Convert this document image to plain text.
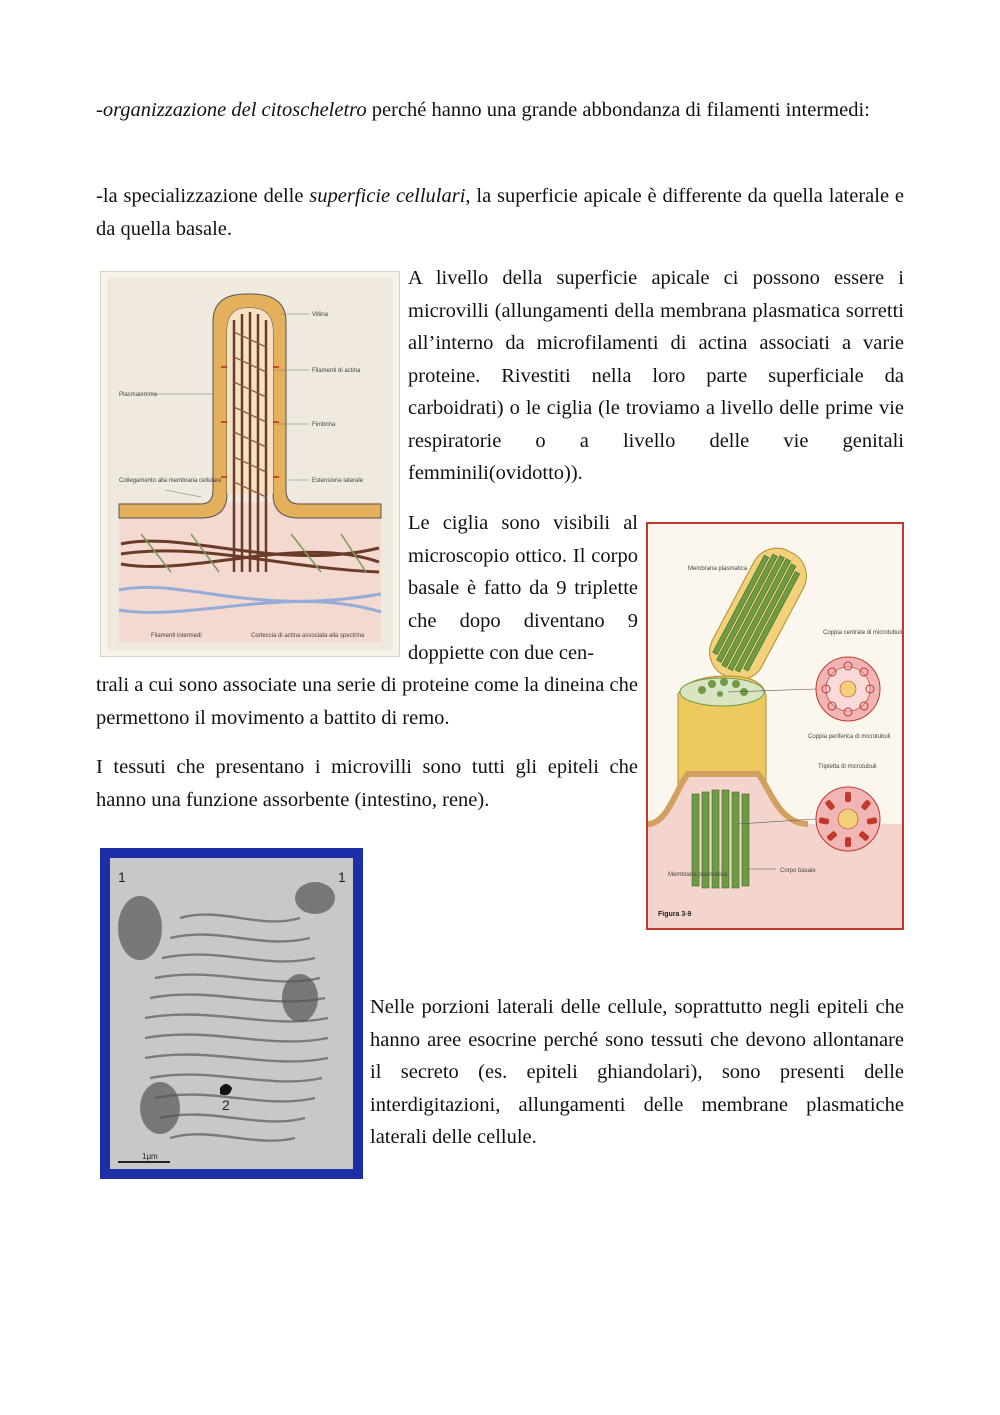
-organizzazione del citoscheletro perché hanno una grande abbondanza di filamenti intermedi:

-la specializzazione delle superficie cellulari, la superficie apicale è differente da quella laterale e da quella basale.

Villina
Filamenti di actina
Plasmalemma
Fimbrina
Estensione laterale
Collegamento alla membrana cellulare
Filamenti intermedi	Corteccia di actina associata alla spectrina

A livello della superficie apicale ci possono essere i microvilli (allungamenti della membrana plasmatica sorretti all’interno da microfilamenti di actina associati a varie proteine. Rivestiti nella loro parte superficiale da carboidrati) o le ciglia (le troviamo a livello delle prime vie respiratorie o a livello delle vie genitali femminili(ovidotto)).

Le ciglia sono visibili al microscopio ottico. Il corpo basale è fatto da 9 triplette che dopo diventano 9 doppiette con due cen-

trali a cui sono associate una serie di proteine come la dineina che permettono il movimento a battito di remo.

I tessuti che presentano i microvilli sono tutti gli epiteli che hanno una funzione assorbente (intestino, rene).

Membrana plasmatica
Coppia centrale di microtubuli
Coppia periferica di microtubuli
Tripletta di microtubuli
Membrana plasmatica
Corpo basale
Figura 3-9
1	1
2
1µm

Nelle porzioni laterali delle cellule, soprattutto negli epiteli che hanno aree esocrine perché sono tessuti che devono allontanare il secreto (es. epiteli ghiandolari), sono presenti delle interdigitazioni, allungamenti delle membrane plasmatiche laterali delle cellule.
